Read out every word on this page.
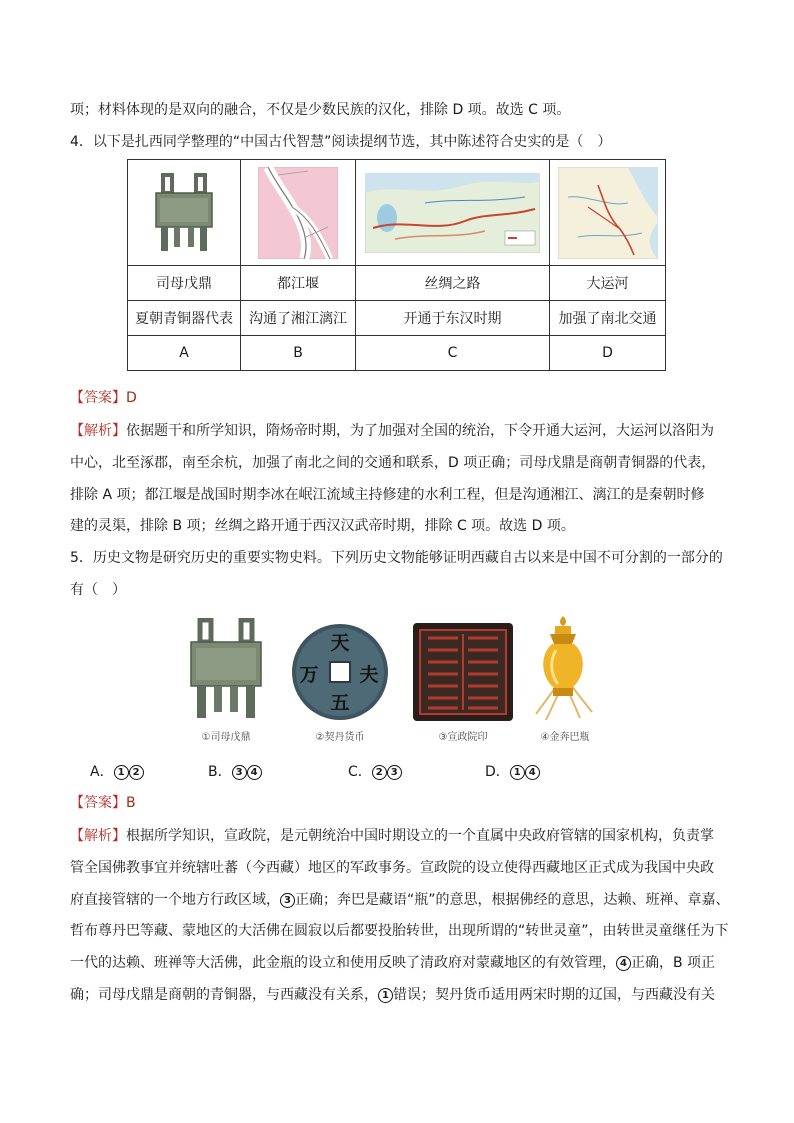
项；材料体现的是双向的融合，不仅是少数民族的汉化，排除 D 项。故选 C 项。
4．以下是扎西同学整理的“中国古代智慧”阅读提纲节选，其中陈述符合史实的是（　）

司母戊鼎	都江堰	丝绸之路	大运河
夏朝青铜器代表	沟通了湘江漓江	开通于东汉时期	加强了南北交通
A	B	C	D
【答案】D
【解析】依据题干和所学知识，隋炀帝时期，为了加强对全国的统治，下令开通大运河，大运河以洛阳为
中心，北至涿郡，南至余杭，加强了南北之间的交通和联系，D 项正确；司母戊鼎是商朝青铜器的代表，
排除 A 项；都江堰是战国时期李冰在岷江流域主持修建的水利工程，但是沟通湘江、漓江的是秦朝时修
建的灵渠，排除 B 项；丝绸之路开通于西汉汉武帝时期，排除 C 项。故选 D 项。
5．历史文物是研究历史的重要实物史料。下列历史文物能够证明西藏自古以来是中国不可分割的一部分的
有（　）
①司母戊鼎
天
夫
五
万
②契丹货币	③宣政院印	④金奔巴瓶
A． 1 2	B． 3 4	C． 2 3	D． 1 4
【答案】B
【解析】根据所学知识，宣政院，是元朝统治中国时期设立的一个直属中央政府管辖的国家机构，负责掌
管全国佛教事宜并统辖吐蕃（今西藏）地区的军政事务。宣政院的设立使得西藏地区正式成为我国中央政
府直接管辖的一个地方行政区域， 3 正确；奔巴是藏语“瓶”的意思，根据佛经的意思，达赖、班禅、章嘉、
哲布尊丹巴等藏、蒙地区的大活佛在圆寂以后都要投胎转世，出现所谓的“转世灵童”，由转世灵童继任为下
一代的达赖、班禅等大活佛，此金瓶的设立和使用反映了清政府对蒙藏地区的有效管理， 4 正确，B 项正
确；司母戊鼎是商朝的青铜器，与西藏没有关系， 1 错误；契丹货币适用两宋时期的辽国，与西藏没有关
